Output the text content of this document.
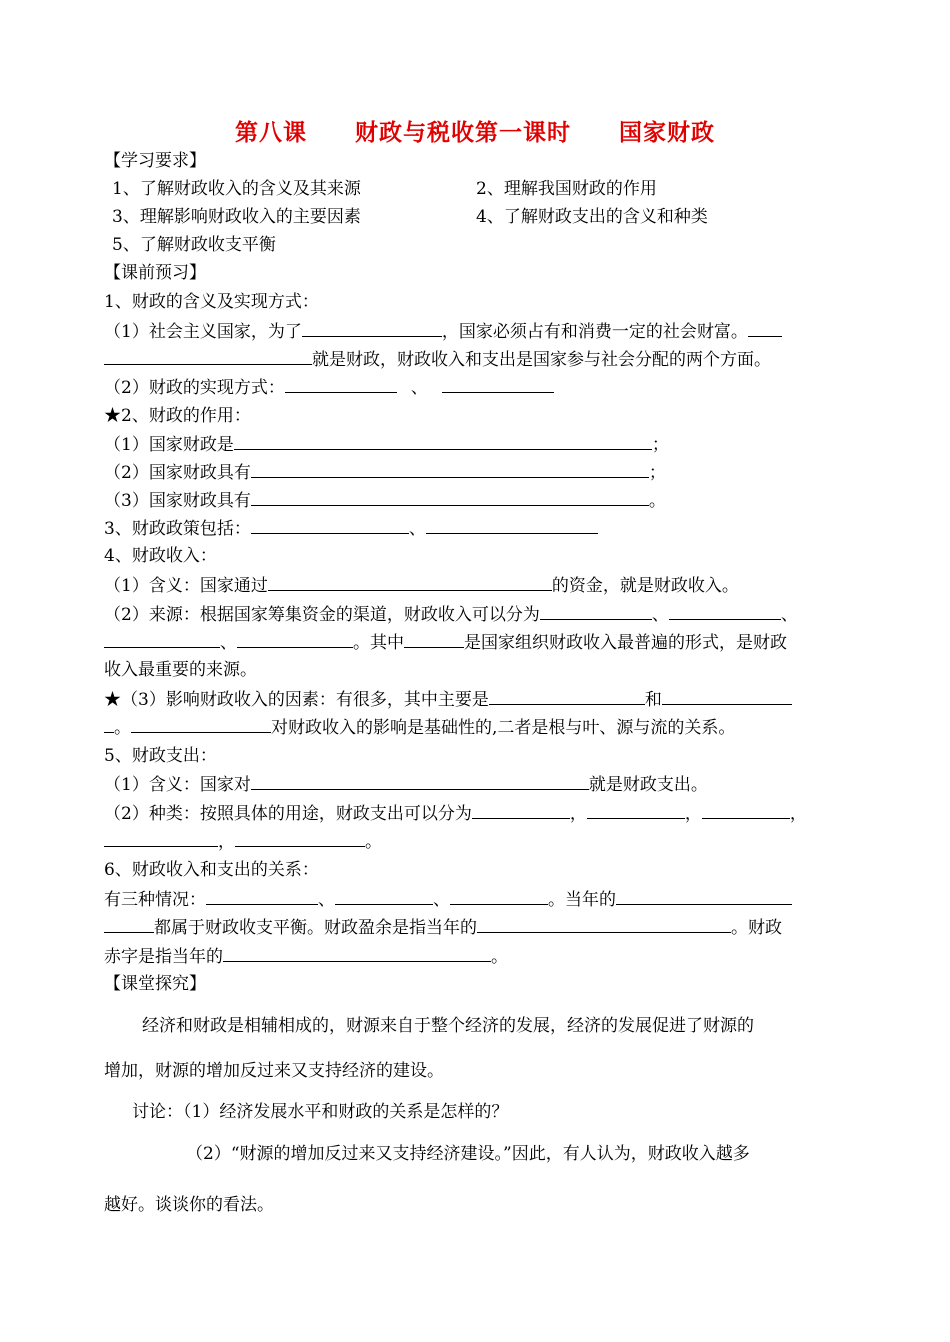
第八课　　财政与税收第一课时　　国家财政
【学习要求】
1、了解财政收入的含义及其来源	2、理解我国财政的作用
3、理解影响财政收入的主要因素	4、了解财政支出的含义和种类
5、了解财政收支平衡
【课前预习】
1、财政的含义及实现方式：
（1）社会主义国家，为了	，国家必须占有和消费一定的社会财富。
就是财政，财政收入和支出是国家参与社会分配的两个方面。
（2）财政的实现方式：	、
★2、财政的作用：
（1）国家财政是	；
（2）国家财政具有	；
（3）国家财政具有	。
3、财政政策包括：	、
4、财政收入：
（1）含义：国家通过	的资金，就是财政收入。
（2）来源：根据国家筹集资金的渠道，财政收入可以分为	、	、
、	。其中	是国家组织财政收入最普遍的形式，是财政
收入最重要的来源。
★（3）影响财政收入的因素：有很多，其中主要是	和
。	对财政收入的影响是基础性的,二者是根与叶、源与流的关系。
5、财政支出：
（1）含义：国家对	就是财政支出。
（2）种类：按照具体的用途，财政支出可以分为	，	，	，
，	。
6、财政收入和支出的关系：
有三种情况：	、	、	。当年的
都属于财政收支平衡。财政盈余是指当年的	。财政
赤字是指当年的	。
【课堂探究】
经济和财政是相辅相成的，财源来自于整个经济的发展，经济的发展促进了财源的
增加，财源的增加反过来又支持经济的建设。
讨论：（1）经济发展水平和财政的关系是怎样的？
（2）“财源的增加反过来又支持经济建设。”因此，有人认为，财政收入越多
越好。谈谈你的看法。
